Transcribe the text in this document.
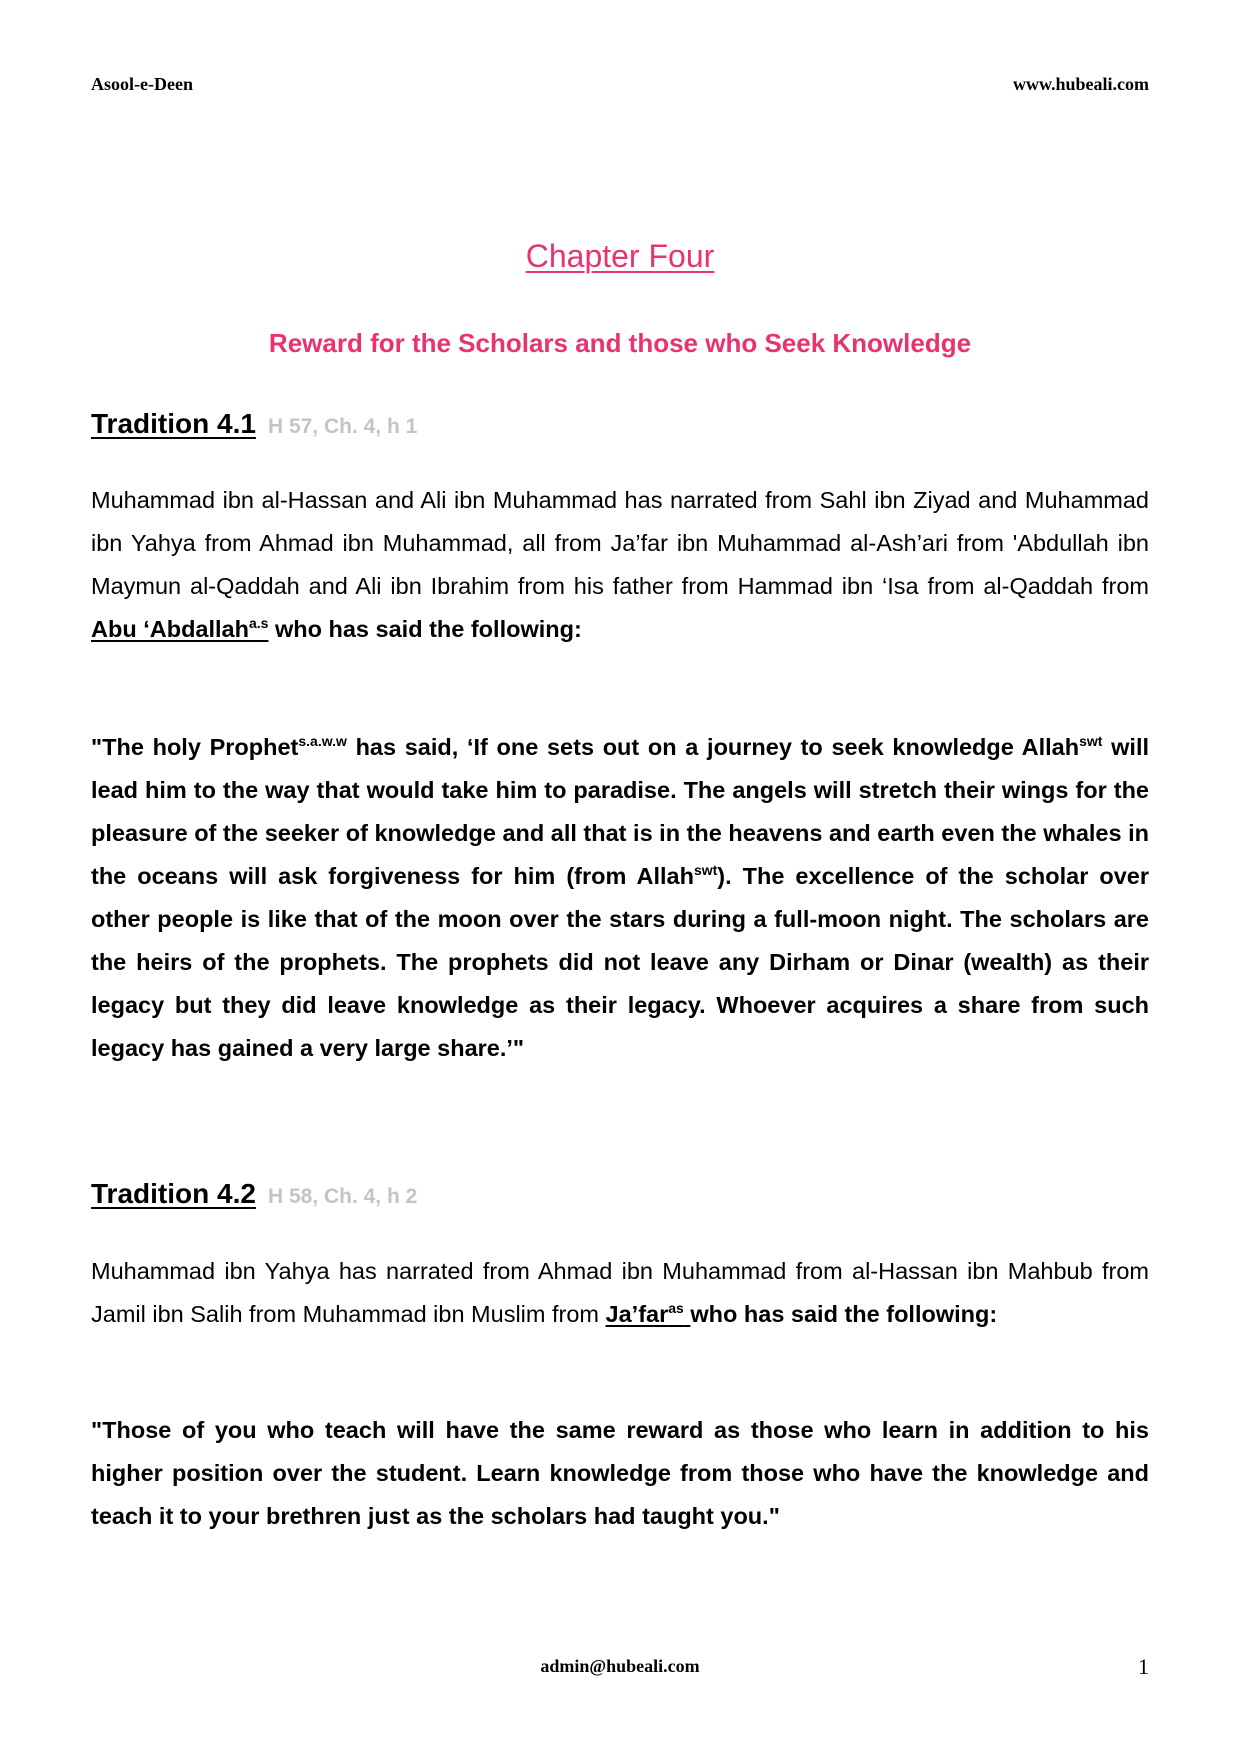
Asool-e-Deen	www.hubeali.com
Chapter Four
Reward for the Scholars and those who Seek Knowledge
Tradition 4.1 H 57, Ch. 4, h 1

Muhammad ibn al-Hassan and Ali ibn Muhammad has narrated from Sahl ibn Ziyad and Muhammad ibn Yahya from Ahmad ibn Muhammad, all from Ja’far ibn Muhammad al-Ash’ari from 'Abdullah ibn Maymun al-Qaddah and Ali ibn Ibrahim from his father from Hammad ibn ‘Isa from al-Qaddah from Abu ‘Abdallah$^{a.s}$ who has said the following:

"The holy Prophet$^{s.a.w.w}$ has said, ‘If one sets out on a journey to seek knowledge Allah$^{swt}$ will lead him to the way that would take him to paradise. The angels will stretch their wings for the pleasure of the seeker of knowledge and all that is in the heavens and earth even the whales in the oceans will ask forgiveness for him (from Allah$^{swt}$). The excellence of the scholar over other people is like that of the moon over the stars during a full-moon night. The scholars are the heirs of the prophets. The prophets did not leave any Dirham or Dinar (wealth) as their legacy but they did leave knowledge as their legacy. Whoever acquires a share from such legacy has gained a very large share.’"

Tradition 4.2 H 58, Ch. 4, h 2

Muhammad ibn Yahya has narrated from Ahmad ibn Muhammad from al-Hassan ibn Mahbub from Jamil ibn Salih from Muhammad ibn Muslim from Ja’far$^{as}$ who has said the following:

"Those of you who teach will have the same reward as those who learn in addition to his higher position over the student. Learn knowledge from those who have the knowledge and teach it to your brethren just as the scholars had taught you."

admin@hubeali.com	1
